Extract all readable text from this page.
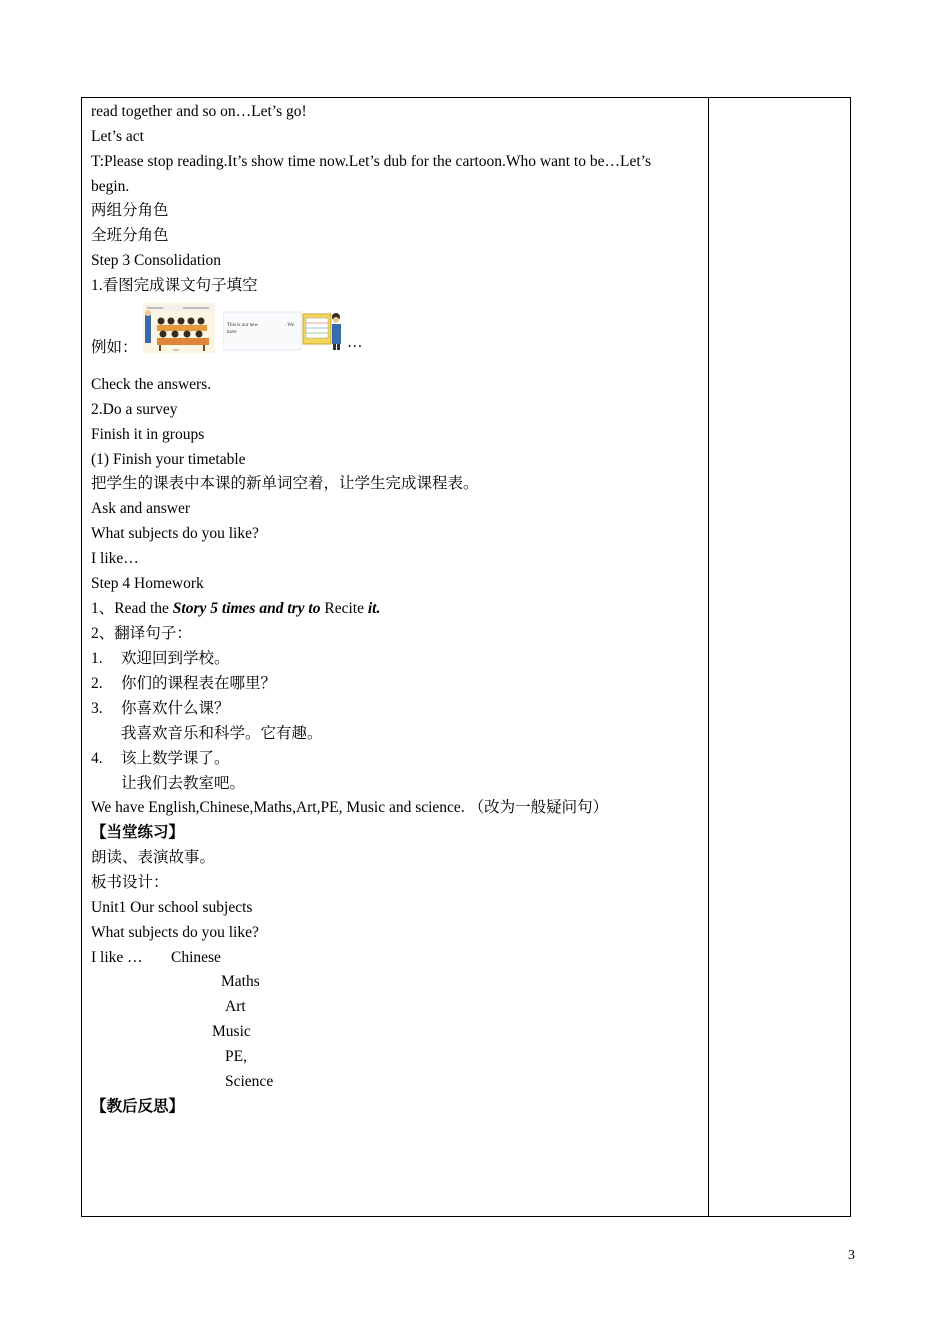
read together and so on…Let’s go!
Let’s act
T:Please stop reading.It’s show time now.Let’s dub for the cartoon.Who want to be…Let’s
begin.
两组分角色
全班分角色
Step 3 Consolidation
1.看图完成课文句子填空
例如：
This is our new
have
. We
…
Check the answers.
2.Do a survey
Finish it in groups
(1) Finish your timetable
把学生的课表中本课的新单词空着，让学生完成课程表。
Ask and answer
What subjects do you like?
I like…
Step 4 Homework
1、Read the Story 5 times and try to Recite it.
2、翻译句子：
1. 欢迎回到学校。
2. 你们的课程表在哪里？
3. 你喜欢什么课？
我喜欢音乐和科学。它有趣。
4. 该上数学课了。
让我们去教室吧。
We have English,Chinese,Maths,Art,PE, Music and science. （改为一般疑问句）
【当堂练习】
朗读、表演故事。
板书设计：
Unit1 Our school subjects
What subjects do you like?
I like … Chinese
Maths
Art
Music
PE,
Science
【教后反思】
3
